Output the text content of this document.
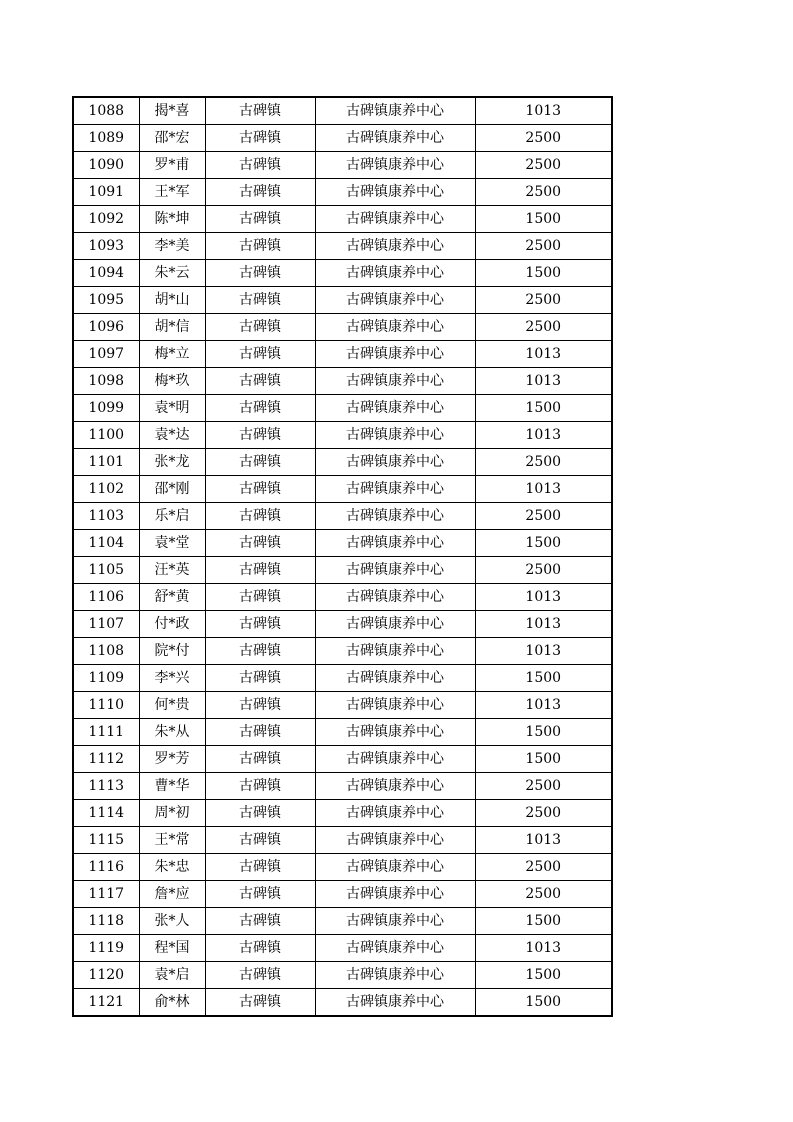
1088	揭*喜	古碑镇	古碑镇康养中心	1013
1089	邵*宏	古碑镇	古碑镇康养中心	2500
1090	罗*甫	古碑镇	古碑镇康养中心	2500
1091	王*军	古碑镇	古碑镇康养中心	2500
1092	陈*坤	古碑镇	古碑镇康养中心	1500
1093	李*美	古碑镇	古碑镇康养中心	2500
1094	朱*云	古碑镇	古碑镇康养中心	1500
1095	胡*山	古碑镇	古碑镇康养中心	2500
1096	胡*信	古碑镇	古碑镇康养中心	2500
1097	梅*立	古碑镇	古碑镇康养中心	1013
1098	梅*玖	古碑镇	古碑镇康养中心	1013
1099	袁*明	古碑镇	古碑镇康养中心	1500
1100	袁*达	古碑镇	古碑镇康养中心	1013
1101	张*龙	古碑镇	古碑镇康养中心	2500
1102	邵*刚	古碑镇	古碑镇康养中心	1013
1103	乐*启	古碑镇	古碑镇康养中心	2500
1104	袁*堂	古碑镇	古碑镇康养中心	1500
1105	汪*英	古碑镇	古碑镇康养中心	2500
1106	舒*黄	古碑镇	古碑镇康养中心	1013
1107	付*政	古碑镇	古碑镇康养中心	1013
1108	院*付	古碑镇	古碑镇康养中心	1013
1109	李*兴	古碑镇	古碑镇康养中心	1500
1110	何*贵	古碑镇	古碑镇康养中心	1013
1111	朱*从	古碑镇	古碑镇康养中心	1500
1112	罗*芳	古碑镇	古碑镇康养中心	1500
1113	曹*华	古碑镇	古碑镇康养中心	2500
1114	周*初	古碑镇	古碑镇康养中心	2500
1115	王*常	古碑镇	古碑镇康养中心	1013
1116	朱*忠	古碑镇	古碑镇康养中心	2500
1117	詹*应	古碑镇	古碑镇康养中心	2500
1118	张*人	古碑镇	古碑镇康养中心	1500
1119	程*国	古碑镇	古碑镇康养中心	1013
1120	袁*启	古碑镇	古碑镇康养中心	1500
1121	俞*林	古碑镇	古碑镇康养中心	1500
